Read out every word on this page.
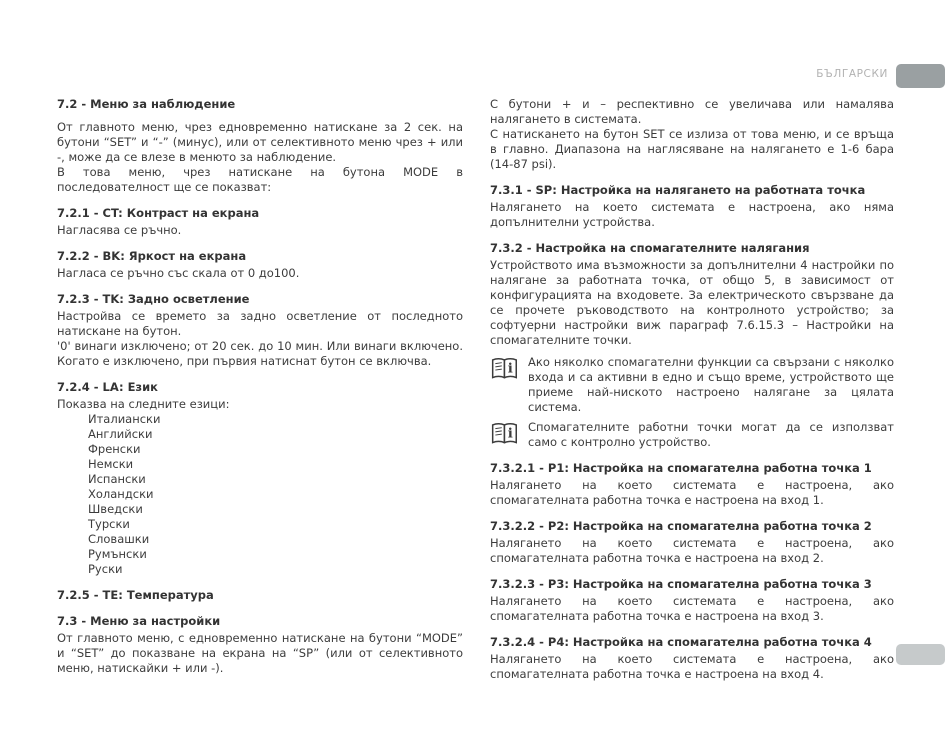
БЪЛГАРСКИ
7.2 - Меню за наблюдение

От главното меню, чрез едновременно натискане за 2 сек. на бутони “SET” и “-” (минус), или от селективното меню чрез + или -, може да се влезе в менюто за наблюдение.

В това меню, чрез натискане на бутона MODE в последователност ще се показват:

7.2.1 - CT: Контраст на екрана

Нагласява се ръчно.

7.2.2 - BK: Яркост на екрана

Нагласа се ръчно със скала от 0 до100.

7.2.3 - TK: Задно осветление

Настройва се времето за задно осветление от последното натискане на бутон.

'0' винаги изключено; от 20 сек. до 10 мин. Или винаги включено. Когато е изключено, при първия натиснат бутон се включва.

7.2.4 - LA: Език

Показва на следните езици:

Италиански
Английски
Френски
Немски
Испански
Холандски
Шведски
Турски
Словашки
Румънски
Руски
7.2.5 - TE: Температура
7.3 - Меню за настройки

От главното меню, с едновременно натискане на бутони “MODE” и “SET” до показване на екрана на “SP” (или от селективното меню, натискайки + или -).

С бутони + и – респективно се увеличава или намалява налягането в системата.

С натискането на бутон SET се излиза от това меню, и се връща в главно. Диапазона на наглясяване на налягането е 1-6 бара (14-87 psi).

7.3.1 - SP: Настройка на налягането на работната точка

Налягането на което системата е настроена, ако няма допълнителни устройства.

7.3.2 - Настройка на спомагателните налягания

Устройството има възможности за допълнителни 4 настройки по налягане за работната точка, от общо 5, в зависимост от конфигурацията на входовете. За електрическото свързване да се прочете ръководството на контролното устройство; за софтуерни настройки виж параграф 7.6.15.3 – Настройки на спомагателните точки.

i Ако няколко спомагателни функции са свързани с няколко входа и са активни в едно и също време, устройството ще приеме най-ниското настроено налягане за цялата система.

i Спомагателните работни точки могат да се използват само с контролно устройство.

7.3.2.1 - P1: Настройка на спомагателна работна точка 1

Налягането на което системата е настроена, ако спомагателната работна точка е настроена на вход 1.

7.3.2.2 - P2: Настройка на спомагателна работна точка 2

Налягането на което системата е настроена, ако спомагателната работна точка е настроена на вход 2.

7.3.2.3 - P3: Настройка на спомагателна работна точка 3

Налягането на което системата е настроена, ако спомагателната работна точка е настроена на вход 3.

7.3.2.4 - P4: Настройка на спомагателна работна точка 4

Налягането на което системата е настроена, ако спомагателната работна точка е настроена на вход 4.
